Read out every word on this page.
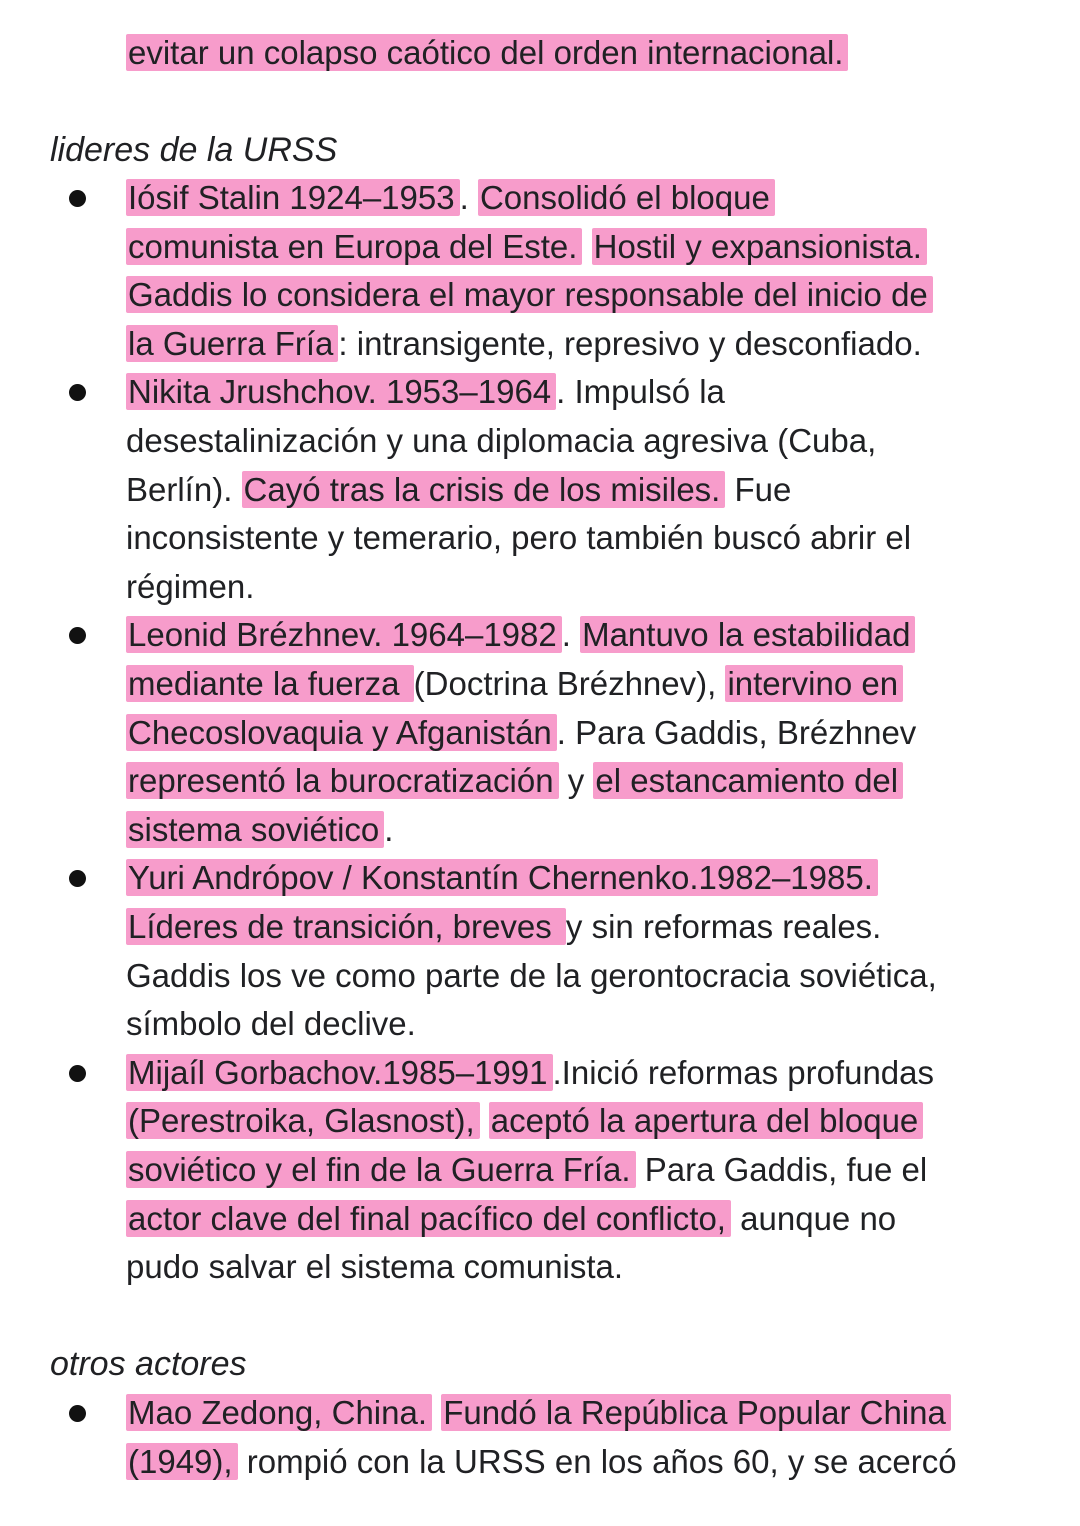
evitar un colapso caótico del orden internacional.
lideres de la URSS
Iósif Stalin 1924–1953 . Consolidó el bloque
comunista en Europa del Este. Hostil y expansionista.
Gaddis lo considera el mayor responsable del inicio de
la Guerra Fría : intransigente, represivo y desconfiado.
Nikita Jrushchov. 1953–1964 . Impulsó la
desestalinización y una diplomacia agresiva (Cuba,
Berlín). Cayó tras la crisis de los misiles. Fue
inconsistente y temerario, pero también buscó abrir el
régimen.
Leonid Brézhnev. 1964–1982 . Mantuvo la estabilidad
mediante la fuerza (Doctrina Brézhnev), intervino en
Checoslovaquia y Afganistán . Para Gaddis, Brézhnev
representó la burocratización y el estancamiento del
sistema soviético .
Yuri Andrópov / Konstantín Chernenko.1982–1985.
Líderes de transición, breves y sin reformas reales.
Gaddis los ve como parte de la gerontocracia soviética,
símbolo del declive.
Mijaíl Gorbachov.1985–1991 .Inició reformas profundas
(Perestroika, Glasnost), aceptó la apertura del bloque
soviético y el fin de la Guerra Fría. Para Gaddis, fue el
actor clave del final pacífico del conflicto, aunque no
pudo salvar el sistema comunista.
otros actores
Mao Zedong, China. Fundó la República Popular China
(1949), rompió con la URSS en los años 60, y se acercó
